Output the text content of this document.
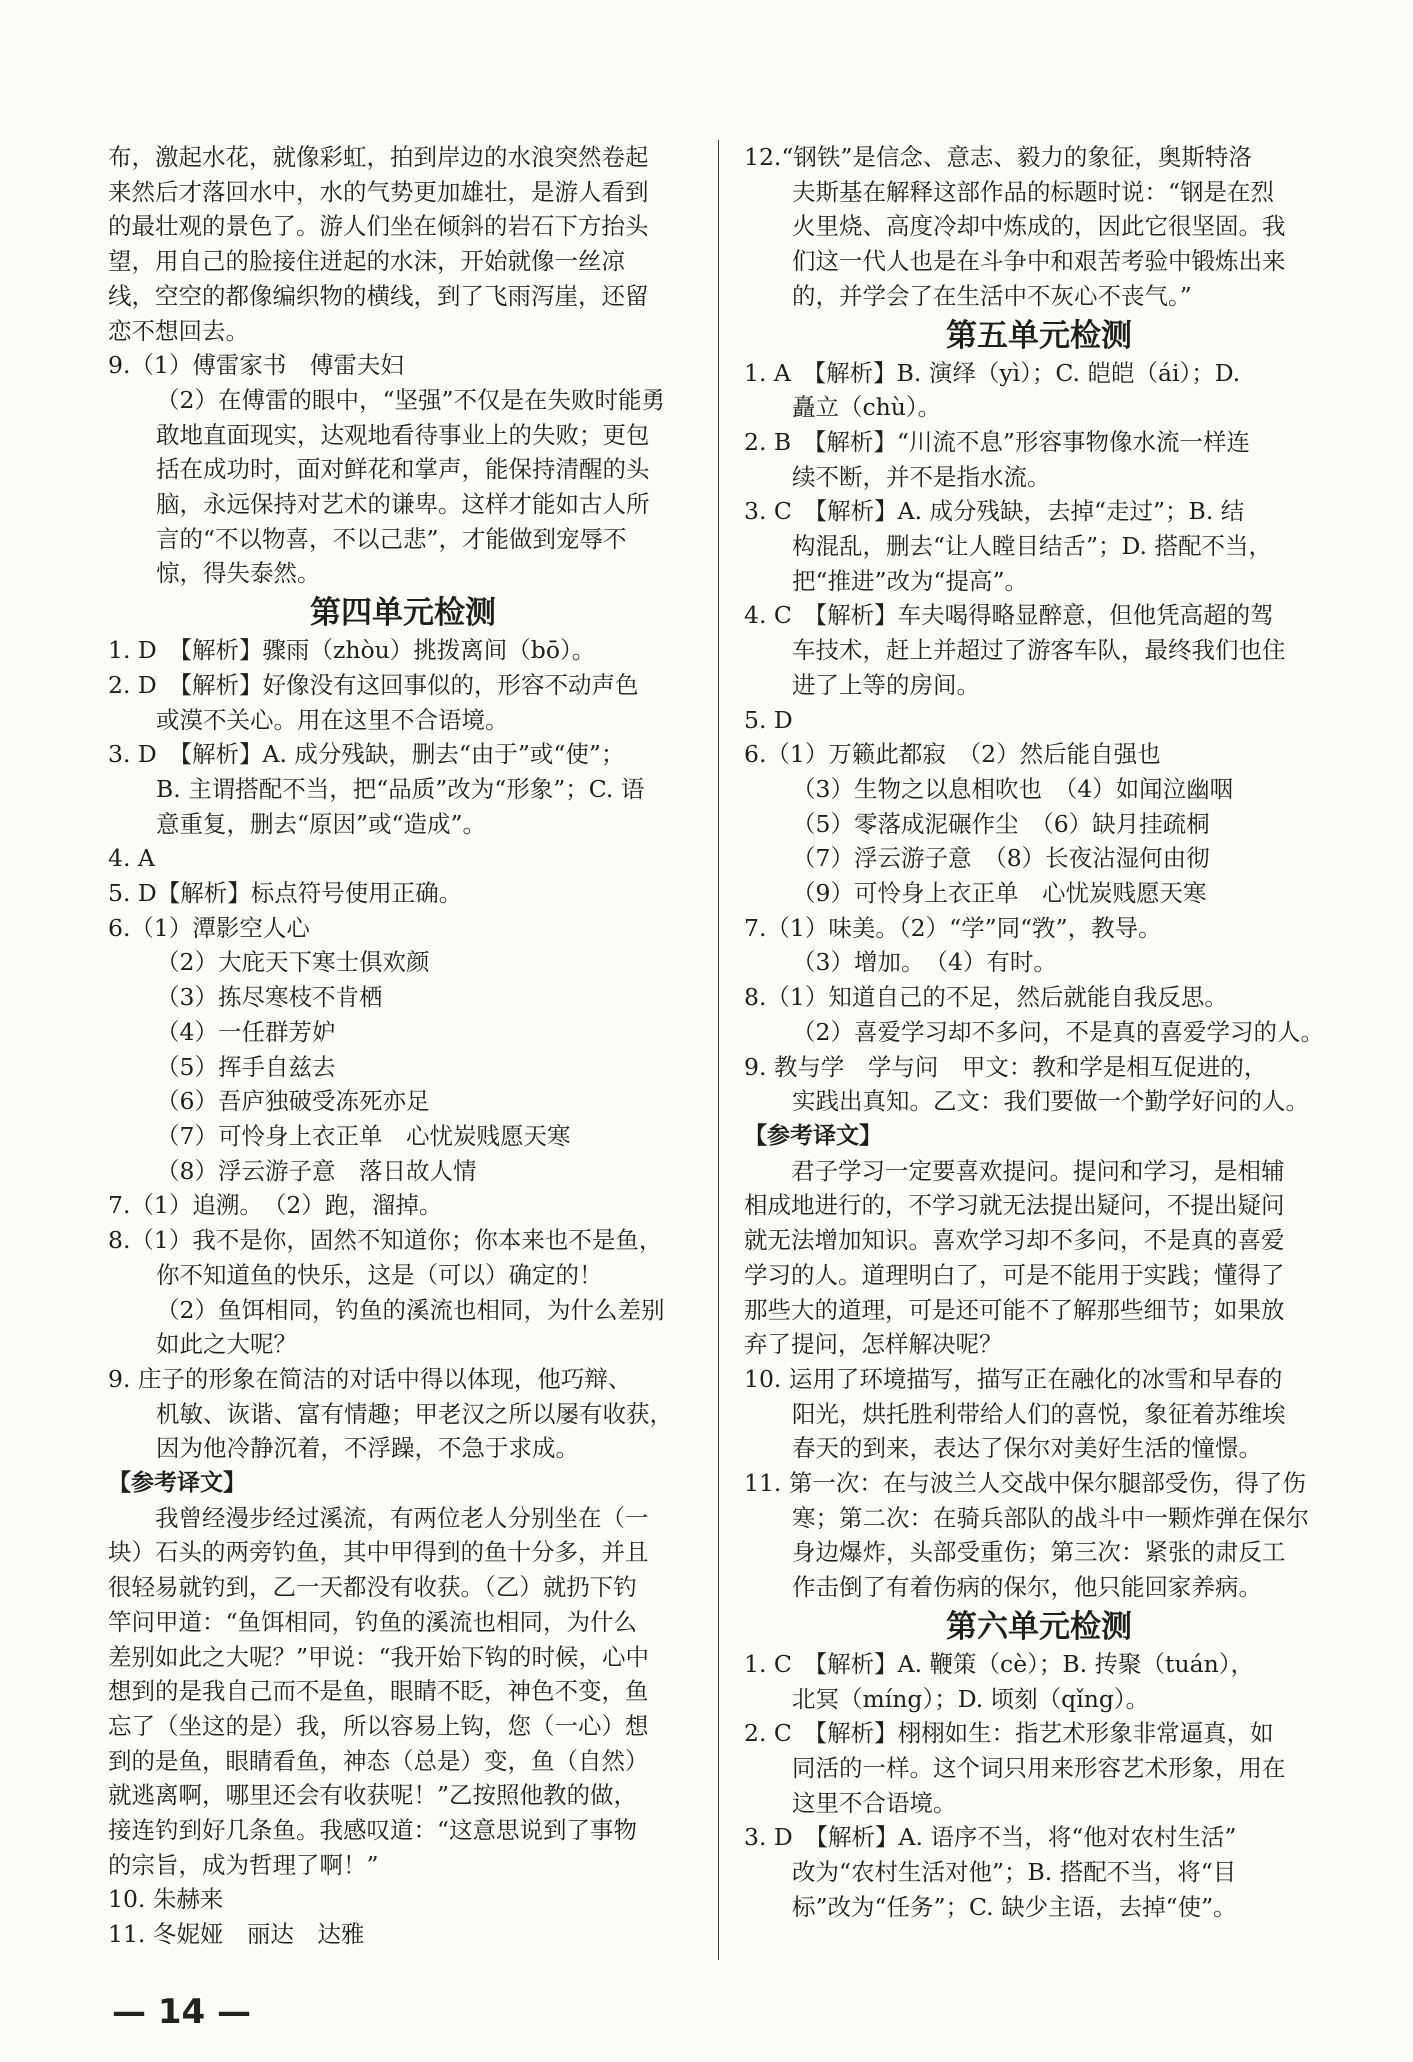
布，激起水花，就像彩虹，拍到岸边的水浪突然卷起
来然后才落回水中，水的气势更加雄壮，是游人看到
的最壮观的景色了。游人们坐在倾斜的岩石下方抬头
望，用自己的脸接住迸起的水沫，开始就像一丝凉
线，空空的都像编织物的横线，到了飞雨泻崖，还留
恋不想回去。
9.（1）傅雷家书　傅雷夫妇
（2）在傅雷的眼中，“坚强”不仅是在失败时能勇
敢地直面现实，达观地看待事业上的失败；更包
括在成功时，面对鲜花和掌声，能保持清醒的头
脑，永远保持对艺术的谦卑。这样才能如古人所
言的“不以物喜，不以己悲”，才能做到宠辱不
惊，得失泰然。
第四单元检测
1. D　【解析】骤雨（zhòu）挑拨离间（bō）。
2. D　【解析】好像没有这回事似的，形容不动声色
或漠不关心。用在这里不合语境。
3. D　【解析】A. 成分残缺，删去“由于”或“使”；
B. 主谓搭配不当，把“品质”改为“形象”；C. 语
意重复，删去“原因”或“造成”。
4. A
5. D【解析】标点符号使用正确。
6.（1）潭影空人心
（2）大庇天下寒士俱欢颜
（3）拣尽寒枝不肯栖
（4）一任群芳妒
（5）挥手自兹去
（6）吾庐独破受冻死亦足
（7）可怜身上衣正单　心忧炭贱愿天寒
（8）浮云游子意　落日故人情
7.（1）追溯。　（2）跑，溜掉。
8.（1）我不是你，固然不知道你；你本来也不是鱼，
你不知道鱼的快乐，这是（可以）确定的！
（2）鱼饵相同，钓鱼的溪流也相同，为什么差别
如此之大呢？
9. 庄子的形象在简洁的对话中得以体现，他巧辩、
机敏、诙谐、富有情趣；甲老汉之所以屡有收获，
因为他冷静沉着，不浮躁，不急于求成。
【参考译文】
　　我曾经漫步经过溪流，有两位老人分别坐在（一
块）石头的两旁钓鱼，其中甲得到的鱼十分多，并且
很轻易就钓到，乙一天都没有收获。（乙）就扔下钓
竿问甲道：“鱼饵相同，钓鱼的溪流也相同，为什么
差别如此之大呢？”甲说：“我开始下钩的时候，心中
想到的是我自己而不是鱼，眼睛不眨，神色不变，鱼
忘了（坐这的是）我，所以容易上钩，您（一心）想
到的是鱼，眼睛看鱼，神态（总是）变，鱼（自然）
就逃离啊，哪里还会有收获呢！”乙按照他教的做，
接连钓到好几条鱼。我感叹道：“这意思说到了事物
的宗旨，成为哲理了啊！”
10. 朱赫来
11. 冬妮娅　丽达　达雅
12.“钢铁”是信念、意志、毅力的象征，奥斯特洛
夫斯基在解释这部作品的标题时说：“钢是在烈
火里烧、高度冷却中炼成的，因此它很坚固。我
们这一代人也是在斗争中和艰苦考验中锻炼出来
的，并学会了在生活中不灰心不丧气。”
第五单元检测
1. A　【解析】B. 演绎（yì）；C. 皑皑（ái）；D.
矗立（chù）。
2. B　【解析】“川流不息”形容事物像水流一样连
续不断，并不是指水流。
3. C　【解析】A. 成分残缺，去掉“走过”；B. 结
构混乱，删去“让人瞠目结舌”；D. 搭配不当，
把“推进”改为“提高”。
4. C　【解析】车夫喝得略显醉意，但他凭高超的驾
车技术，赶上并超过了游客车队，最终我们也住
进了上等的房间。
5. D
6.（1）万籁此都寂　（2）然后能自强也
（3）生物之以息相吹也　（4）如闻泣幽咽
（5）零落成泥碾作尘　（6）缺月挂疏桐
（7）浮云游子意　（8）长夜沾湿何由彻
（9）可怜身上衣正单　心忧炭贱愿天寒
7.（1）味美。（2）“学”同“敩”，教导。
（3）增加。　（4）有时。
8.（1）知道自己的不足，然后就能自我反思。
（2）喜爱学习却不多问，不是真的喜爱学习的人。
9. 教与学　学与问　甲文：教和学是相互促进的，
实践出真知。乙文：我们要做一个勤学好问的人。
【参考译文】
　　君子学习一定要喜欢提问。提问和学习，是相辅
相成地进行的，不学习就无法提出疑问，不提出疑问
就无法增加知识。喜欢学习却不多问，不是真的喜爱
学习的人。道理明白了，可是不能用于实践；懂得了
那些大的道理，可是还可能不了解那些细节；如果放
弃了提问，怎样解决呢？
10. 运用了环境描写，描写正在融化的冰雪和早春的
阳光，烘托胜利带给人们的喜悦，象征着苏维埃
春天的到来，表达了保尔对美好生活的憧憬。
11. 第一次：在与波兰人交战中保尔腿部受伤，得了伤
寒；第二次：在骑兵部队的战斗中一颗炸弹在保尔
身边爆炸，头部受重伤；第三次：紧张的肃反工
作击倒了有着伤病的保尔，他只能回家养病。
第六单元检测
1. C　【解析】A. 鞭策（cè）；B. 抟聚（tuán），
北冥（míng）；D. 顷刻（qǐng）。
2. C　【解析】栩栩如生：指艺术形象非常逼真，如
同活的一样。这个词只用来形容艺术形象，用在
这里不合语境。
3. D　【解析】A. 语序不当，将“他对农村生活”
改为“农村生活对他”；B. 搭配不当，将“目
标”改为“任务”；C. 缺少主语，去掉“使”。
— 14 —
